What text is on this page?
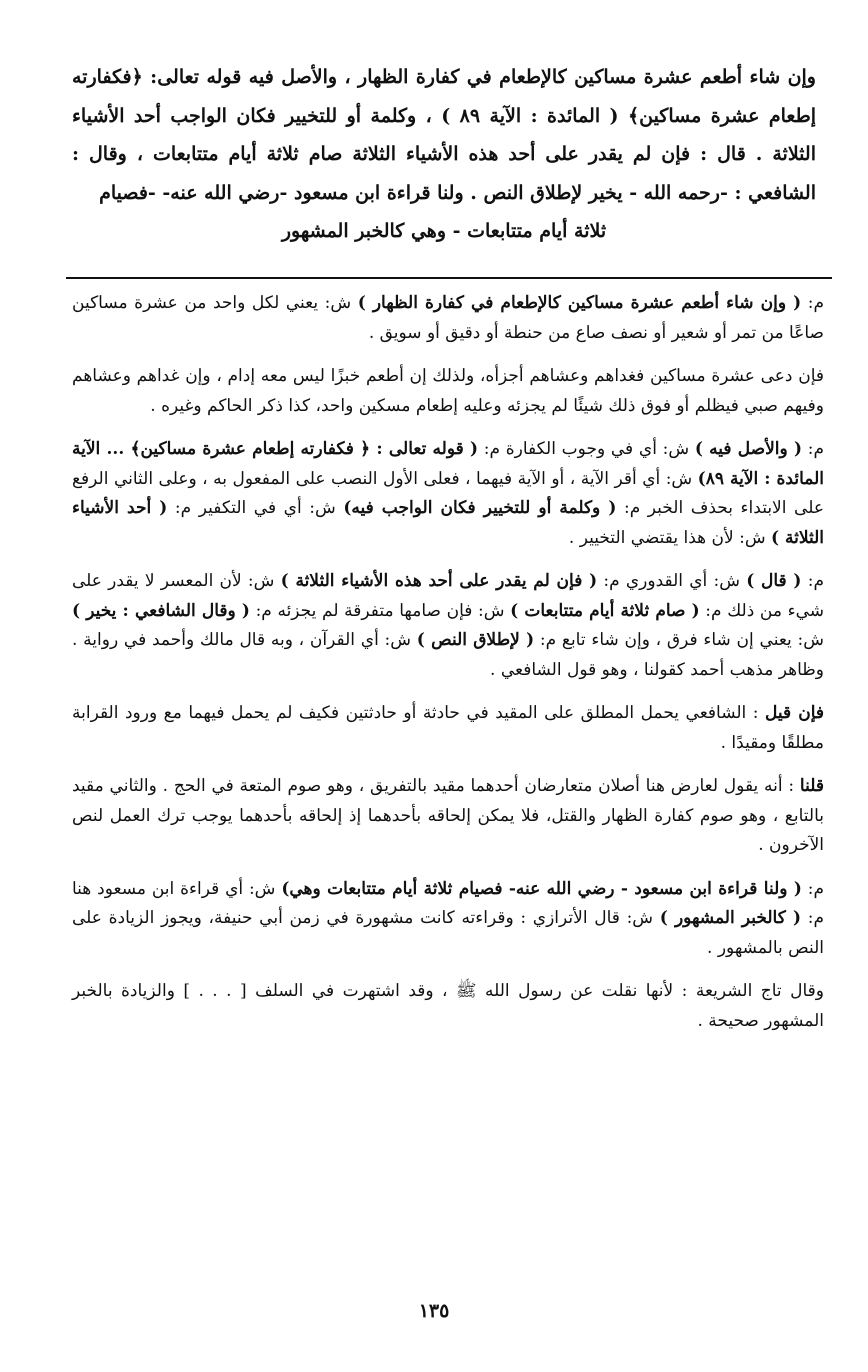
وإن شاء أطعم عشرة مساكين كالإطعام في كفارة الظهار ، والأصل فيه قوله تعالى: ﴿فكفارته إطعام عشرة مساكين﴾ ( المائدة : الآية ٨٩ ) ، وكلمة أو للتخيير فكان الواجب أحد الأشياء الثلاثة . قال : فإن لم يقدر على أحد هذه الأشياء الثلاثة صام ثلاثة أيام متتابعات ، وقال : الشافعي : -رحمه الله - يخير لإطلاق النص . ولنا قراءة ابن مسعود -رضي الله عنه- -فصيام
ثلاثة أيام متتابعات - وهي كالخبر المشهور

م: ( وإن شاء أطعم عشرة مساكين كالإطعام في كفارة الظهار ) ش: يعني لكل واحد من عشرة مساكين صاعًا من تمر أو شعير أو نصف صاع من حنطة أو دقيق أو سويق .

فإن دعى عشرة مساكين فغداهم وعشاهم أجزأه، ولذلك إن أطعم خبزًا ليس معه إدام ، وإن غداهم وعشاهم وفيهم صبي فيظلم أو فوق ذلك شيئًا لم يجزئه وعليه إطعام مسكين واحد، كذا ذكر الحاكم وغيره .

م: ( والأصل فيه ) ش: أي في وجوب الكفارة م: ( قوله تعالى : ﴿ فكفارته إطعام عشرة مساكين﴾ ... الآية المائدة : الآية ٨٩) ش: أي أقر الآية ، أو الآية فيهما ، فعلى الأول النصب على المفعول به ، وعلى الثاني الرفع على الابتداء بحذف الخبر م: ( وكلمة أو للتخيير فكان الواجب فيه) ش: أي في التكفير م: ( أحد الأشياء الثلاثة ) ش: لأن هذا يقتضي التخيير .

م: ( قال ) ش: أي القدوري م: ( فإن لم يقدر على أحد هذه الأشياء الثلاثة ) ش: لأن المعسر لا يقدر على شيء من ذلك م: ( صام ثلاثة أيام متتابعات ) ش: فإن صامها متفرقة لم يجزئه م: ( وقال الشافعي : يخير ) ش: يعني إن شاء فرق ، وإن شاء تابع م: ( لإطلاق النص ) ش: أي القرآن ، وبه قال مالك وأحمد في رواية . وظاهر مذهب أحمد كقولنا ، وهو قول الشافعي .

فإن قيل : الشافعي يحمل المطلق على المقيد في حادثة أو حادثتين فكيف لم يحمل فيهما مع ورود القرابة مطلقًا ومقيدًا .

قلنا : أنه يقول لعارض هنا أصلان متعارضان أحدهما مقيد بالتفريق ، وهو صوم المتعة في الحج . والثاني مقيد بالتابع ، وهو صوم كفارة الظهار والقتل، فلا يمكن إلحاقه بأحدهما إذ إلحاقه بأحدهما يوجب ترك العمل لنص الآخرون .

م: ( ولنا قراءة ابن مسعود - رضي الله عنه- فصيام ثلاثة أيام متتابعات وهي) ش: أي قراءة ابن مسعود هنا م: ( كالخبر المشهور ) ش: قال الأترازي : وقراءته كانت مشهورة في زمن أبي حنيفة، ويجوز الزيادة على النص بالمشهور .

وقال تاج الشريعة : لأنها نقلت عن رسول الله ﷺ ، وقد اشتهرت في السلف [ . . . ] والزيادة بالخبر المشهور صحيحة .

١٣٥
